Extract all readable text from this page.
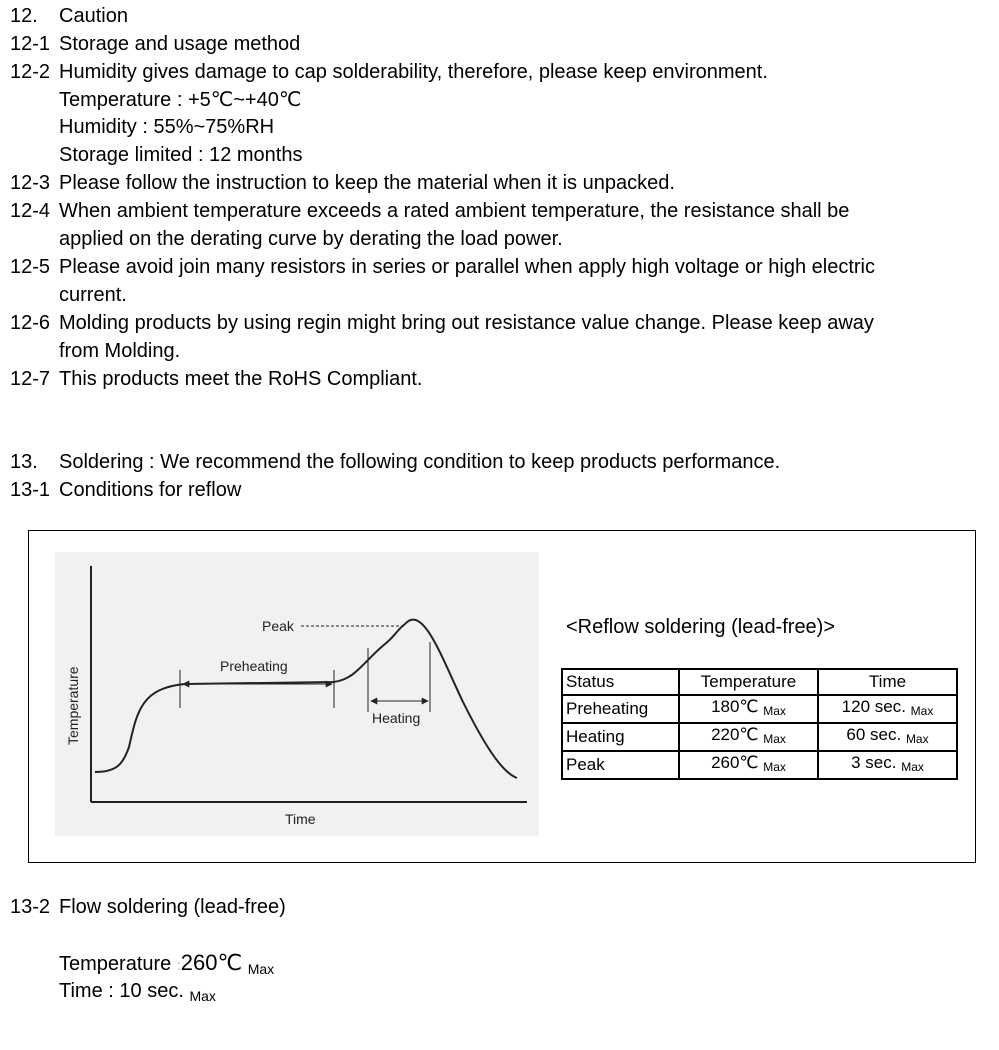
12. Caution
12-1 Storage and usage method
12-2 Humidity gives damage to cap solderability, therefore, please keep environment.
Temperature : +5℃~+40℃
Humidity : 55%~75%RH
Storage limited : 12 months
12-3 Please follow the instruction to keep the material when it is unpacked.
12-4 When ambient temperature exceeds a rated ambient temperature, the resistance shall be
applied on the derating curve by derating the load power.
12-5 Please avoid join many resistors in series or parallel when apply high voltage or high electric
current.
12-6 Molding products by using regin might bring out resistance value change. Please keep away
from Molding.
12-7 This products meet the RoHS Compliant.
13. Soldering : We recommend the following condition to keep products performance.
13-1 Conditions for reflow
Peak
Preheating
Heating
Time
Temperature
<Reflow soldering (lead-free)>
Status	Temperature	Time
Preheating	180℃ $_{Max}$	120 sec. $_{Max}$
Heating	220℃ $_{Max}$	60 sec. $_{Max}$
Peak	260℃ $_{Max}$	3 sec. $_{Max}$
13-2 Flow soldering (lead-free)
Temperature :260℃ $_{Max}$
Time : 10 sec. $_{Max}$
